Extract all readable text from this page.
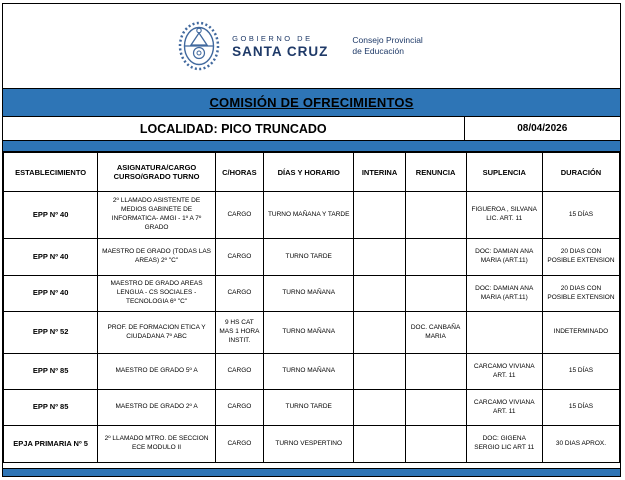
GOBIERNO DE
SANTA CRUZ
Consejo Provincial
de Educación
COMISIÓN DE OFRECIMIENTOS
LOCALIDAD: PICO TRUNCADO	08/04/2026
ESTABLECIMIENTO	ASIGNATURA/CARGO CURSO/GRADO TURNO	C/HORAS	DÍAS Y HORARIO	INTERINA	RENUNCIA	SUPLENCIA	DURACIÓN
EPP Nº 40	2º LLAMADO ASISTENTE DE MEDIOS GABINETE DE INFORMATICA- AMGI - 1º A 7º GRADO	CARGO	TURNO MAÑANA Y TARDE			FIGUEROA , SILVANA LIC. ART. 11	15 DÍAS
EPP Nº 40	MAESTRO DE GRADO (TODAS LAS AREAS) 2º "C"	CARGO	TURNO TARDE			DOC: DAMIAN ANA MARIA (ART.11)	20 DIAS CON POSIBLE EXTENSION
EPP Nº 40	MAESTRO DE GRADO AREAS LENGUA - CS SOCIALES - TECNOLOGIA 6º "C"	CARGO	TURNO MAÑANA			DOC: DAMIAN ANA MARIA (ART.11)	20 DIAS CON POSIBLE EXTENSION
EPP Nº 52	PROF. DE FORMACION ETICA Y CIUDADANA 7º ABC	9 HS CAT MAS 1 HORA INSTIT.	TURNO MAÑANA		DOC. CANBAÑA MARIA		INDETERMINADO
EPP Nº 85	MAESTRO DE GRADO 5º A	CARGO	TURNO MAÑANA			CARCAMO VIVIANA ART. 11	15 DÍAS
EPP Nº 85	MAESTRO DE GRADO 2º A	CARGO	TURNO TARDE			CARCAMO VIVIANA ART. 11	15 DÍAS
EPJA PRIMARIA Nº 5	2º LLAMADO MTRO. DE SECCION ECE MODULO II	CARGO	TURNO VESPERTINO			DOC: GIGENA SERGIO LIC ART 11	30 DIAS APROX.
